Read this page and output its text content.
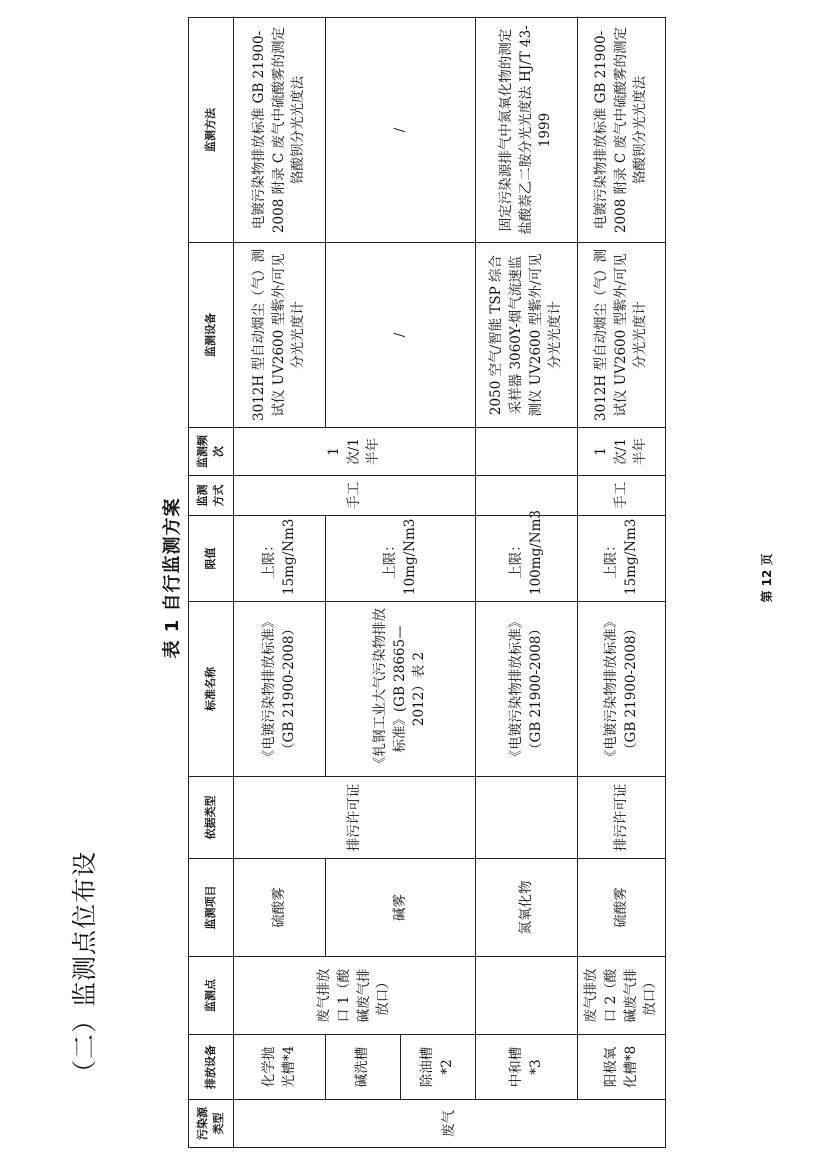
（二）监测点位布设
表 1 自行监测方案
污染源类型	排放设备	监测点	监测项目	依据类型	标准名称	限值	监测方式	监测频次	监测设备	监测方法
废气	化学抛光槽*4	废气排放口 1（酸碱废气排放口）	硫酸雾	排污许可证	《电镀污染物排放标准》（GB 21900-2008）	上限：15mg/Nm3	手工	1 次/1 半年	3012H 型自动烟尘（气）测试仪 UV2600 型紫外/可见分光光度计	电镀污染物排放标准 GB 21900-2008 附录 C 废气中硫酸雾的测定 铬酸钡分光光度法
	碱洗槽		碱雾		《轧钢工业大气污染物排放标准》(GB 28665—2012）表 2	上限：10mg/Nm3			/	/
	除油槽*2									
	中和槽*3		氮氧化物		《电镀污染物排放标准》（GB 21900-2008）	上限：100mg/Nm3			2050 空气/智能 TSP 综合采样器 3060Y-烟气流速监测仪 UV2600 型紫外/可见分光光度计	固定污染源排气中氮氧化物的测定 盐酸萘乙二胺分光光度法 HJ/T 43-1999
	阳极氧化槽*8	废气排放口 2（酸碱废气排放口）	硫酸雾	排污许可证	《电镀污染物排放标准》（GB 21900-2008）	上限：15mg/Nm3	手工	1 次/1 半年	3012H 型自动烟尘（气）测试仪 UV2600 型紫外/可见分光光度计	电镀污染物排放标准 GB 21900-2008 附录 C 废气中硫酸雾的测定 铬酸钡分光光度法
第 12 页
